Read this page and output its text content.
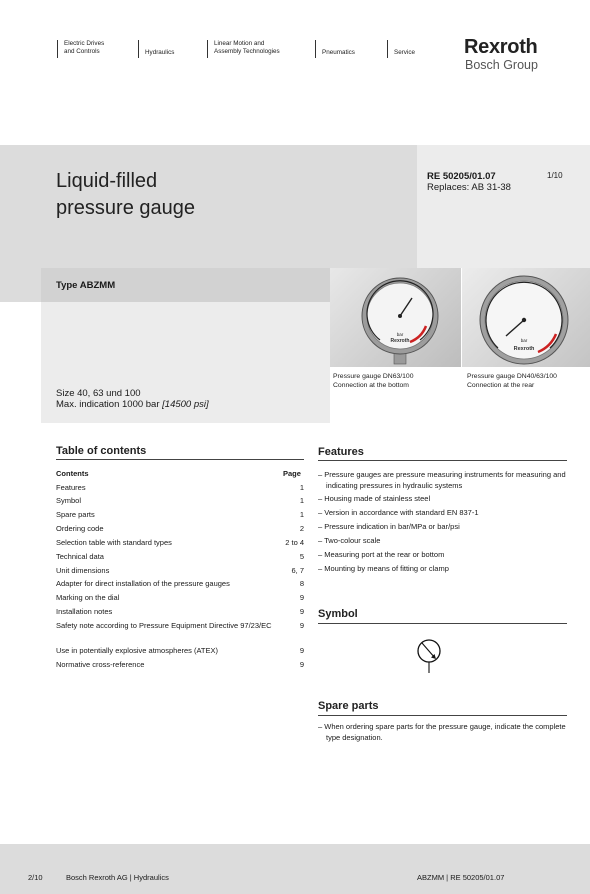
Electric Drives
and Controls	Hydraulics
Linear Motion and
Assembly Technologies	Pneumatics	Service Rexroth
Bosch Group
Liquid-filled
pressure gauge
RE 50205/01.07
Replaces: AB 31-38
1/10
Type ABZMM
Size 40, 63 und 100
Max. indication 1000 bar [14500 psi]
bar
Rexroth
Pressure gauge DN63/100
Connection at the bottom
bar
Rexroth
Pressure gauge DN40/63/100
Connection at the rear
Table of contents
Contents	Page
Features	1
Symbol	1
Spare parts	1
Ordering code	2
Selection table with standard types	2 to 4
Technical data	5
Unit dimensions	6, 7
Adapter for direct installation of the pressure gauges	8
Marking on the dial	9
Installation notes	9
Safety note according to Pressure Equipment Directive 97/23/EC	9
Use in potentially explosive atmospheres (ATEX)	9
Normative cross-reference	9
Features
– Pressure gauges are pressure measuring instruments for measuring and indicating pressures in hydraulic systems
– Housing made of stainless steel
– Version in accordance with standard EN 837-1
– Pressure indication in bar/MPa or bar/psi
– Two-colour scale
– Measuring port at the rear or bottom
– Mounting by means of fitting or clamp
Symbol
Spare parts
– When ordering spare parts for the pressure gauge, indicate the complete type designation.
2/10	Bosch Rexroth AG | Hydraulics	ABZMM | RE 50205/01.07
